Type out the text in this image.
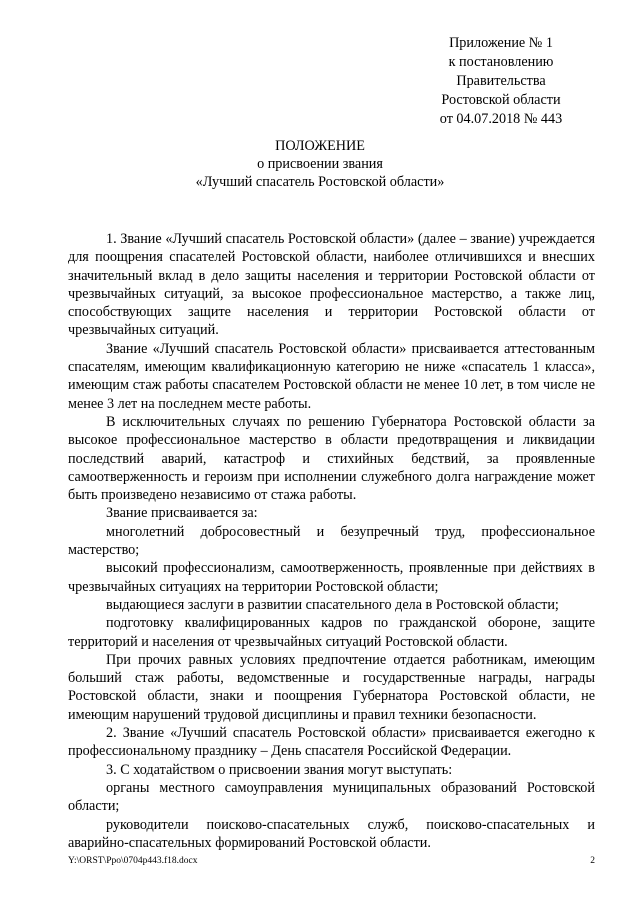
Приложение № 1
к постановлению
Правительства
Ростовской области
от 04.07.2018 № 443
ПОЛОЖЕНИЕ
о присвоении звания
«Лучший спасатель Ростовской области»

1. Звание «Лучший спасатель Ростовской области» (далее – звание) учреждается для поощрения спасателей Ростовской области, наиболее отличившихся и внесших значительный вклад в дело защиты населения и территории Ростовской области от чрезвычайных ситуаций, за высокое профессиональное мастерство, а также лиц, способствующих защите населения и территории Ростовской области от чрезвычайных ситуаций.

Звание «Лучший спасатель Ростовской области» присваивается аттестованным спасателям, имеющим квалификационную категорию не ниже «спасатель 1 класса», имеющим стаж работы спасателем Ростовской области не менее 10 лет, в том числе не менее 3 лет на последнем месте работы.

В исключительных случаях по решению Губернатора Ростовской области за высокое профессиональное мастерство в области предотвращения и ликвидации последствий аварий, катастроф и стихийных бедствий, за проявленные самоотверженность и героизм при исполнении служебного долга награждение может быть произведено независимо от стажа работы.

Звание присваивается за:

многолетний добросовестный и безупречный труд, профессиональное мастерство;

высокий профессионализм, самоотверженность, проявленные при действиях в чрезвычайных ситуациях на территории Ростовской области;

выдающиеся заслуги в развитии спасательного дела в Ростовской области;

подготовку квалифицированных кадров по гражданской обороне, защите территорий и населения от чрезвычайных ситуаций Ростовской области.

При прочих равных условиях предпочтение отдается работникам, имеющим больший стаж работы, ведомственные и государственные награды, награды Ростовской области, знаки и поощрения Губернатора Ростовской области, не имеющим нарушений трудовой дисциплины и правил техники безопасности.

2. Звание «Лучший спасатель Ростовской области» присваивается ежегодно к профессиональному празднику – День спасателя Российской Федерации.

3. С ходатайством о присвоении звания могут выступать:

органы местного самоуправления муниципальных образований Ростовской области;

руководители поисково-спасательных служб, поисково-спасательных и аварийно-спасательных формирований Ростовской области.

Y:\ORST\Ppo\0704p443.f18.docx	2
